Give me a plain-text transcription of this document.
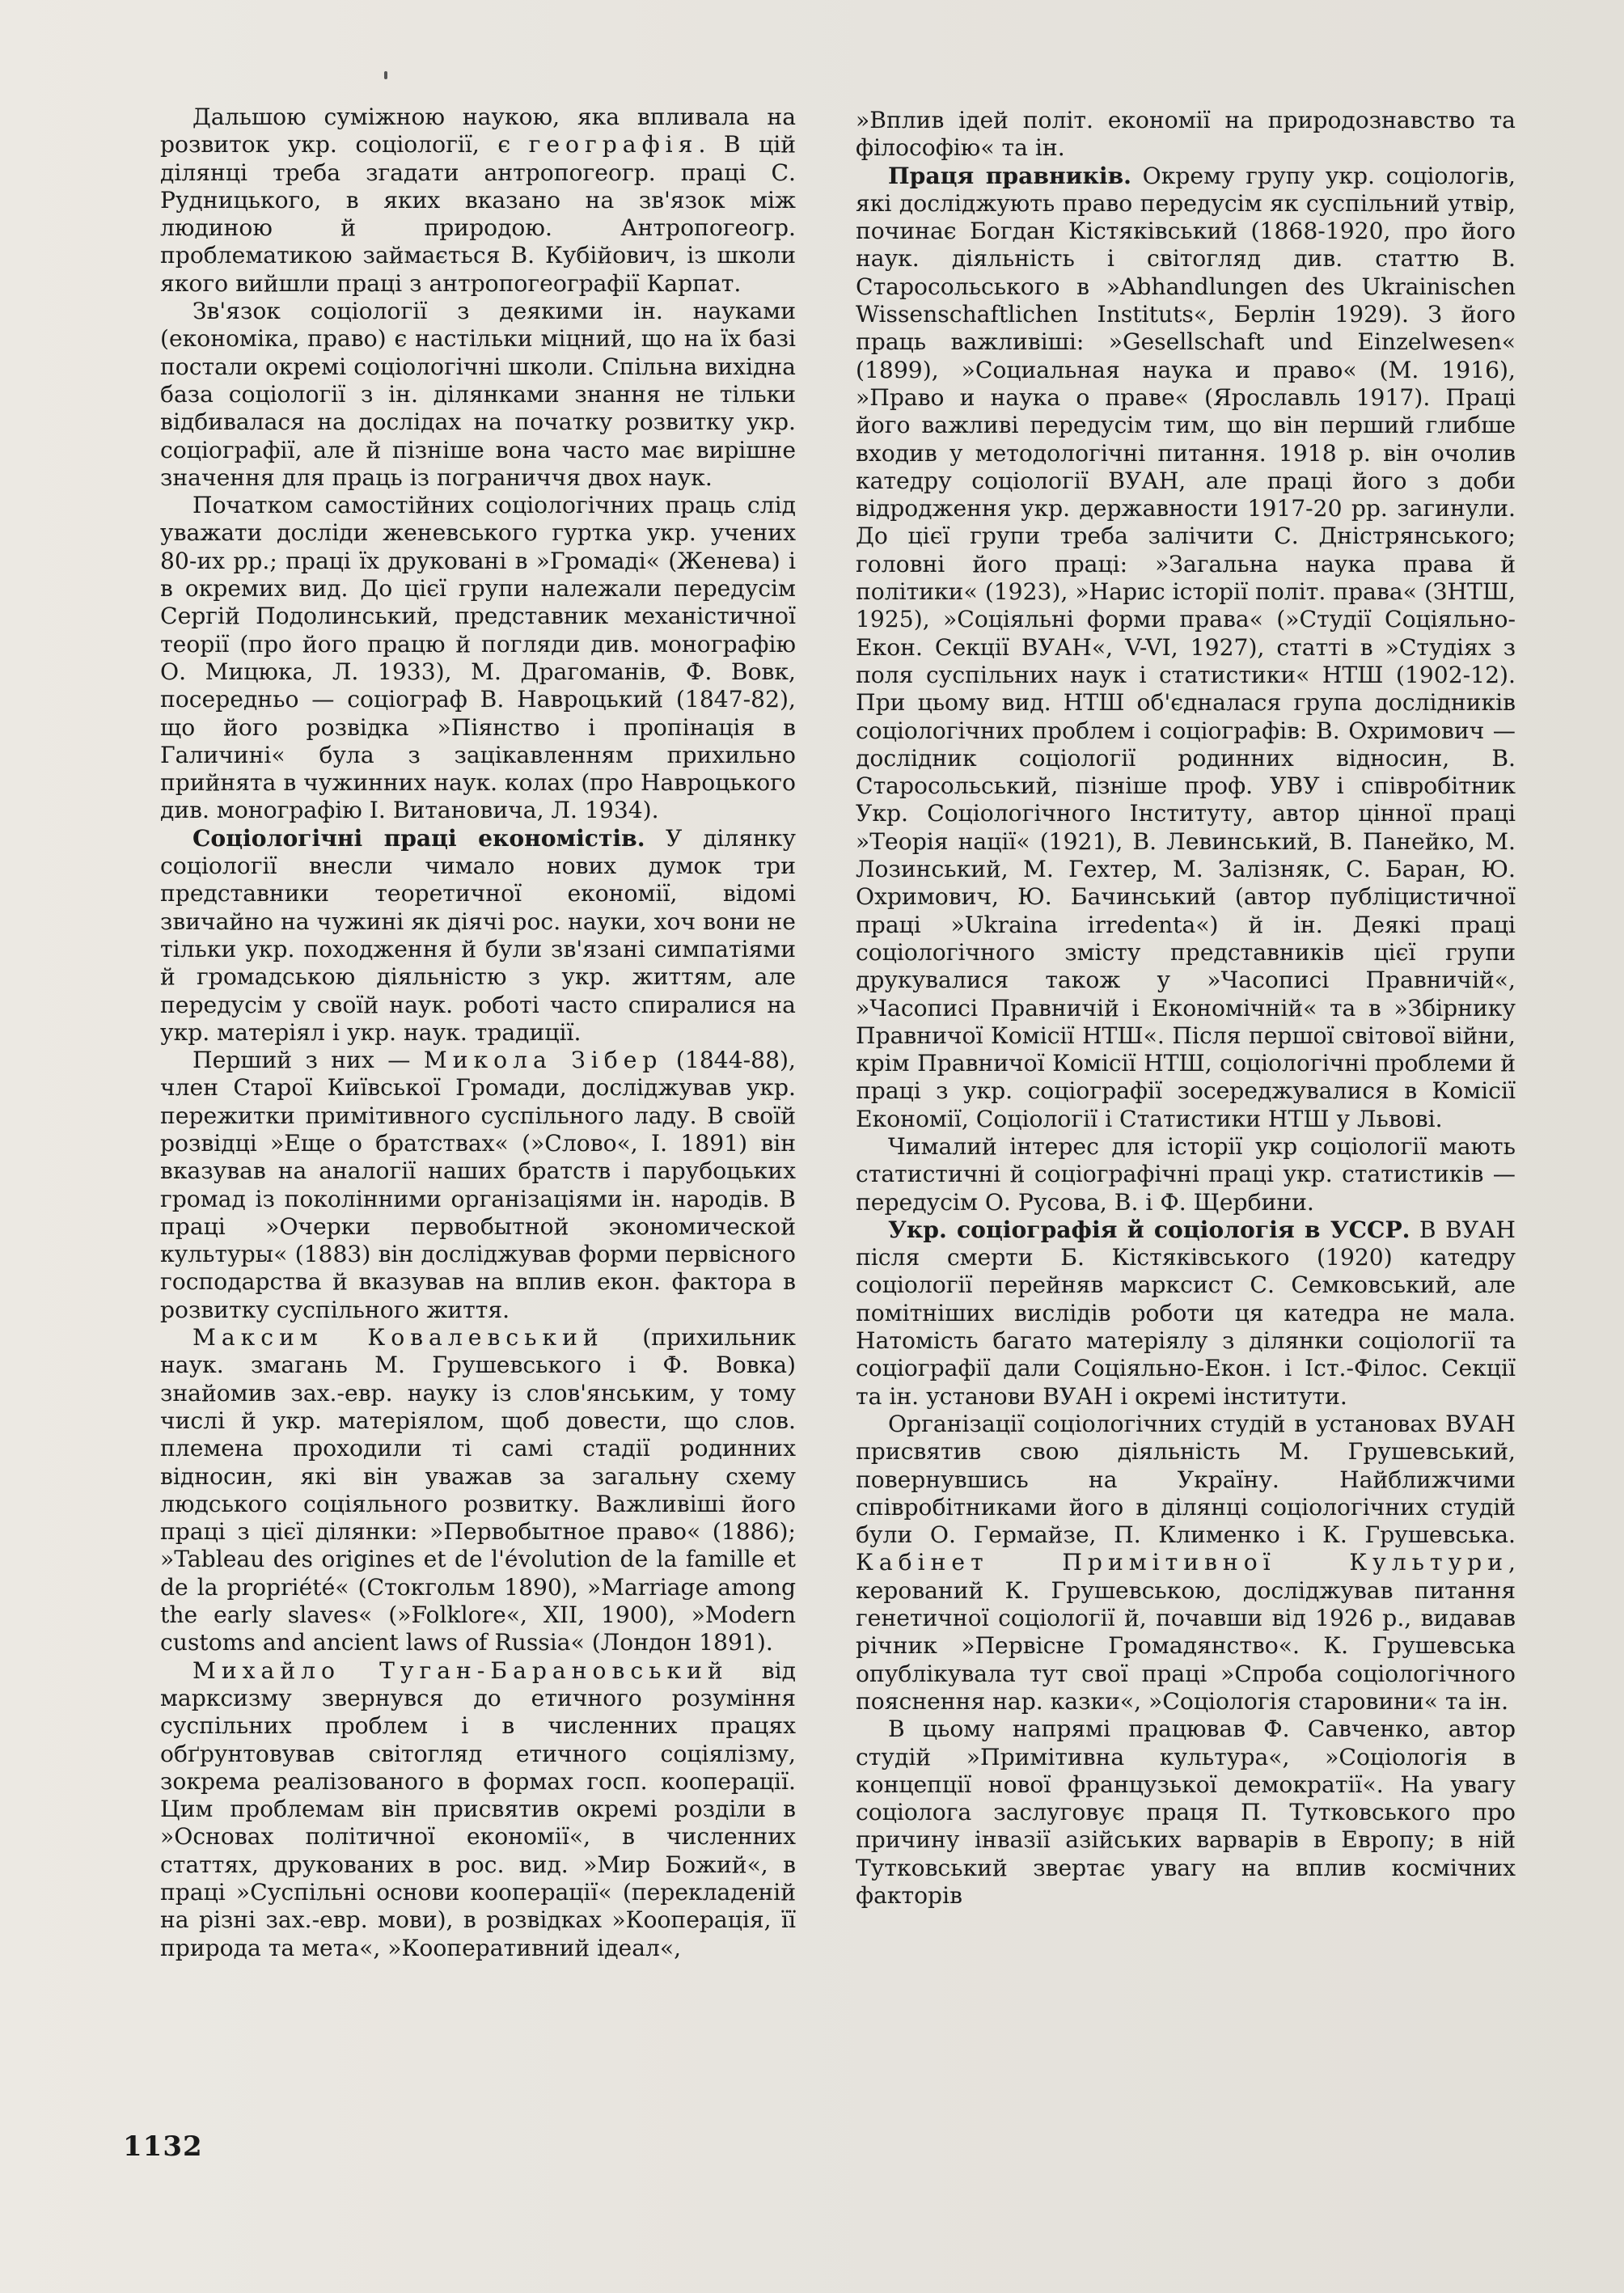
Дальшою суміжною наукою, яка впливала на розвиток укр. соціології, є географія. В цій ділянці треба згадати антропогеогр. праці С. Рудницького, в яких вказано на зв'язок між людиною й природою. Антропогеогр. проблематикою займається В. Кубійович, із школи якого вийшли праці з антропогеографії Карпат.

Зв'язок соціології з деякими ін. науками (економіка, право) є настільки міцний, що на їх базі постали окремі соціологічні школи. Спільна вихідна база соціології з ін. ділянками знання не тільки відбивалася на дослідах на початку розвитку укр. соціографії, але й пізніше вона часто має вирішне значення для праць із пограниччя двох наук.

Початком самостійних соціологічних праць слід уважати досліди женевського гуртка укр. учених 80-их рр.; праці їх друковані в »Громаді« (Женева) і в окремих вид. До цієї групи належали передусім Сергій Подолинський, представник механістичної теорії (про його працю й погляди див. монографію О. Мицюка, Л. 1933), М. Драгоманів, Ф. Вовк, посередньо — соціограф В. Навроцький (1847-82), що його розвідка »Піянство і пропінація в Галичині« була з зацікавленням прихильно прийнята в чужинних наук. колах (про Навроцького див. монографію І. Витановича, Л. 1934).

Соціологічні праці економістів. У ділянку соціології внесли чимало нових думок три представники теоретичної економії, відомі звичайно на чужині як діячі рос. науки, хоч вони не тільки укр. походження й були зв'язані симпатіями й громадською діяльністю з укр. життям, але передусім у своїй наук. роботі часто спиралися на укр. матеріял і укр. наук. традиції.

Перший з них — Микола Зібер (1844-88), член Старої Київської Громади, досліджував укр. пережитки примітивного суспільного ладу. В своїй розвідці »Еще о братствах« (»Слово«, I. 1891) він вказував на аналогії наших братств і парубоцьких громад із поколінними організаціями ін. народів. В праці »Очерки первобытной экономической культуры« (1883) він досліджував форми первісного господарства й вказував на вплив екон. фактора в розвитку суспільного життя.

Максим Ковалевський (прихильник наук. змагань М. Грушевського і Ф. Вовка) знайомив зах.-евр. науку із слов'янським, у тому числі й укр. матеріялом, щоб довести, що слов. племена проходили ті самі стадії родинних відносин, які він уважав за загальну схему людського соціяльного розвитку. Важливіші його праці з цієї ділянки: »Первобытное право« (1886); »Tableau des origines et de l'évolution de la famille et de la propriété« (Стокгольм 1890), »Marriage among the early slaves« (»Folklore«, XII, 1900), »Modern customs and ancient laws of Russia« (Лондон 1891).

Михайло Туган-Барановський від марксизму звернувся до етичного розуміння суспільних проблем і в численних працях обґрунтовував світогляд етичного соціялізму, зокрема реалізованого в формах госп. кооперації. Цим проблемам він присвятив окремі розділи в »Основах політичної економії«, в численних статтях, друкованих в рос. вид. »Мир Божий«, в праці »Суспільні основи кооперації« (перекладеній на різні зах.-евр. мови), в розвідках »Кооперація, її природа та мета«, »Кооперативний ідеал«,

»Вплив ідей політ. економії на природознавство та філософію« та ін.

Праця правників. Окрему групу укр. соціологів, які досліджують право передусім як суспільний утвір, починає Богдан Кістяківський (1868-1920, про його наук. діяльність і світогляд див. статтю В. Старосольського в »Abhandlungen des Ukrainischen Wissenschaftlichen Instituts«, Берлін 1929). З його праць важливіші: »Gesellschaft und Einzelwesen« (1899), »Социальная наука и право« (М. 1916), »Право и наука о праве« (Ярославль 1917). Праці його важливі передусім тим, що він перший глибше входив у методологічні питання. 1918 р. він очолив катедру соціології ВУАН, але праці його з доби відродження укр. державности 1917-20 рр. загинули. До цієї групи треба залічити С. Дністрянського; головні його праці: »Загальна наука права й політики« (1923), »Нарис історії політ. права« (ЗНТШ, 1925), »Соціяльні форми права« (»Студії Соціяльно-Екон. Секції ВУАН«, V-VI, 1927), статті в »Студіях з поля суспільних наук і статистики« НТШ (1902-12). При цьому вид. НТШ об'єдналася група дослідників соціологічних проблем і соціографів: В. Охримович — дослідник соціології родинних відносин, В. Старосольський, пізніше проф. УВУ і співробітник Укр. Соціологічного Інституту, автор цінної праці »Теорія нації« (1921), В. Левинський, В. Панейко, М. Лозинський, М. Гехтер, М. Залізняк, С. Баран, Ю. Охримович, Ю. Бачинський (автор публіцистичної праці »Ukraina irredenta«) й ін. Деякі праці соціологічного змісту представників цієї групи друкувалися також у »Часописі Правничій«, »Часописі Правничій і Економічній« та в »Збірнику Правничої Комісії НТШ«. Після першої світової війни, крім Правничої Комісії НТШ, соціологічні проблеми й праці з укр. соціографії зосереджувалися в Комісії Економії, Соціології і Статистики НТШ у Львові.

Чималий інтерес для історії укр соціології мають статистичні й соціографічні праці укр. статистиків — передусім О. Русова, В. і Ф. Щербини.

Укр. соціографія й соціологія в УССР. В ВУАН після смерти Б. Кістяківського (1920) катедру соціології перейняв марксист С. Семковський, але помітніших вислідів роботи ця катедра не мала. Натомість багато матеріялу з ділянки соціології та соціографії дали Соціяльно-Екон. і Іст.-Філос. Секції та ін. установи ВУАН і окремі інститути.

Організації соціологічних студій в установах ВУАН присвятив свою діяльність М. Грушевський, повернувшись на Україну. Найближчими співробітниками його в ділянці соціологічних студій були О. Гермайзе, П. Клименко і К. Грушевська. Кабінет Примітивної Культури, керований К. Грушевською, досліджував питання генетичної соціології й, почавши від 1926 р., видавав річник »Первісне Громадянство«. К. Грушевська опублікувала тут свої праці »Спроба соціологічного пояснення нар. казки«, »Соціологія старовини« та ін.

В цьому напрямі працював Ф. Савченко, автор студій »Примітивна культура«, »Соціологія в концепції нової французької демократії«. На увагу соціолога заслуговує праця П. Тутковського про причину інвазії азійських варварів в Европу; в ній Тутковський звертає увагу на вплив космічних факторів

1132
